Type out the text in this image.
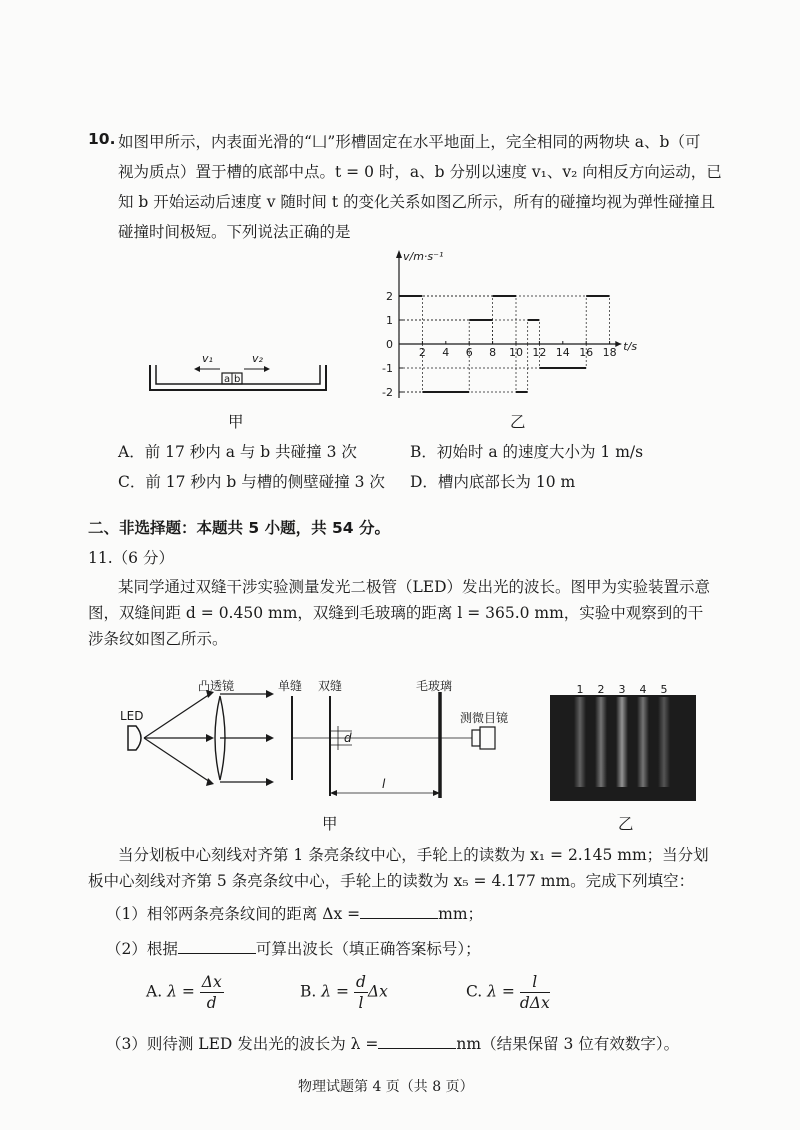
10. 如图甲所示，内表面光滑的“凵”形槽固定在水平地面上，完全相同的两物块 a、b（可
视为质点）置于槽的底部中点。t = 0 时，a、b 分别以速度 v₁、v₂ 向相反方向运动，已
知 b 开始运动后速度 v 随时间 t 的变化关系如图乙所示，所有的碰撞均视为弹性碰撞且
碰撞时间极短。下列说法正确的是
a b
v₁	v₂
甲
v/m·s⁻¹
t/s
2
1
0
-1
-2
2 4 6 8 10 12 14 16 18
乙
A．前 17 秒内 a 与 b 共碰撞 3 次	B．初始时 a 的速度大小为 1 m/s
C．前 17 秒内 b 与槽的侧壁碰撞 3 次 D．槽内底部长为 10 m
二、非选择题：本题共 5 小题，共 54 分。
11.（6 分）
某同学通过双缝干涉实验测量发光二极管（LED）发出光的波长。图甲为实验装置示意图，双缝间距 d = 0.450 mm，双缝到毛玻璃的距离 l = 365.0 mm，实验中观察到的干涉条纹如图乙所示。
LED
凸透镜	单缝 双缝
d
毛玻璃
l
测微目镜
甲
1 2 3 4 5
乙
当分划板中心刻线对齐第 1 条亮条纹中心，手轮上的读数为 x₁ = 2.145 mm；当分划板中心刻线对齐第 5 条亮条纹中心，手轮上的读数为 x₅ = 4.177 mm。完成下列填空：
（1）相邻两条亮条纹间的距离 Δx =	mm；
（2）根据	可算出波长（填正确答案标号）；
A. $\lambda = \frac{\Delta x}{d}$	B. $\lambda = \frac{d}{l}$ Δx	C. $\lambda = \frac{l}{\text{dΔx}}$
（3）则待测 LED 发出光的波长为 λ =	nm（结果保留 3 位有效数字）。
物理试题第 4 页（共 8 页）
